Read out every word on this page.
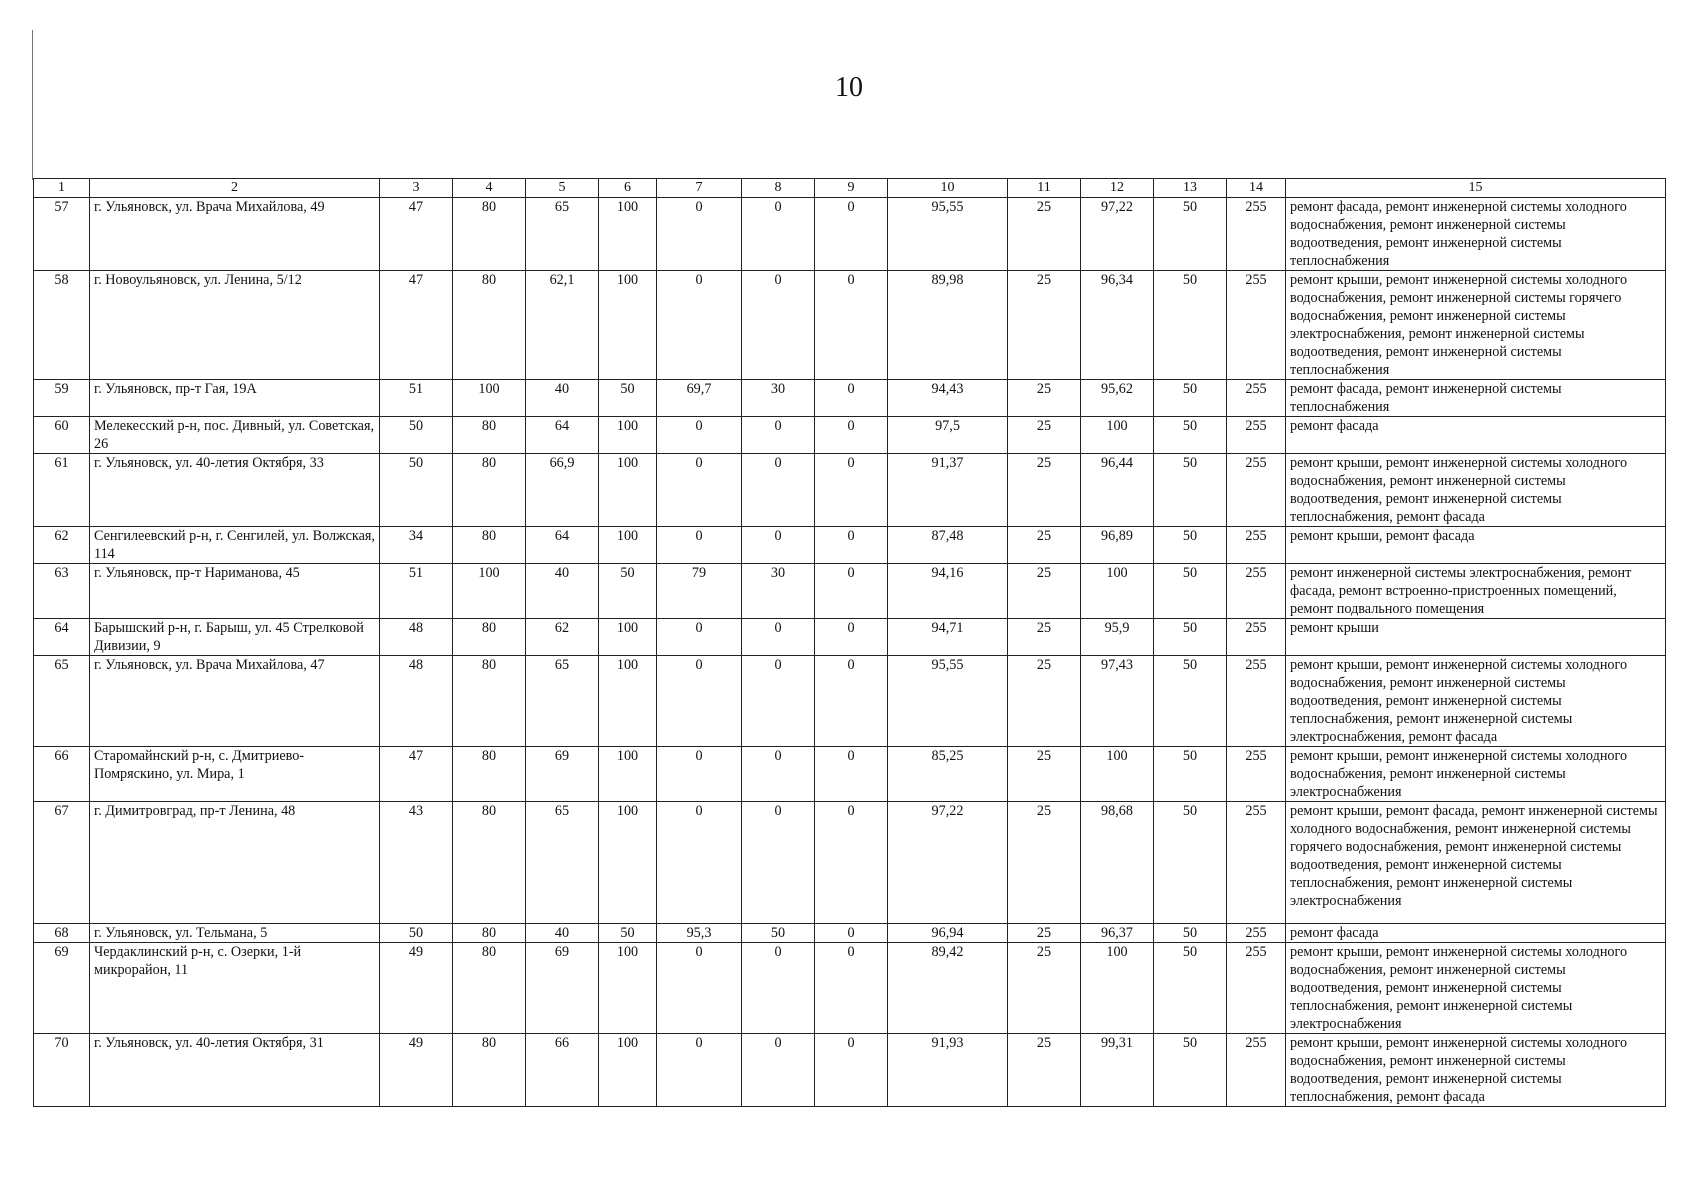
10
1	2	3	4	5	6	7	8	9	10	11	12	13	14	15
57	г. Ульяновск, ул. Врача Михайлова, 49	47	80	65	100	0	0	0	95,55	25	97,22	50	255	ремонт фасада, ремонт инженерной системы холодного водоснабжения, ремонт инженерной системы водоотведения, ремонт инженерной системы теплоснабжения
58	г. Новоульяновск, ул. Ленина, 5/12	47	80	62,1	100	0	0	0	89,98	25	96,34	50	255	ремонт крыши, ремонт инженерной системы холодного водоснабжения, ремонт инженерной системы горячего водоснабжения, ремонт инженерной системы электроснабжения, ремонт инженерной системы водоотведения, ремонт инженерной системы теплоснабжения
59	г. Ульяновск, пр-т Гая, 19А	51	100	40	50	69,7	30	0	94,43	25	95,62	50	255	ремонт фасада, ремонт инженерной системы теплоснабжения
60	Мелекесский р-н, пос. Дивный, ул. Советская, 26	50	80	64	100	0	0	0	97,5	25	100	50	255	ремонт фасада
61	г. Ульяновск, ул. 40-летия Октября, 33	50	80	66,9	100	0	0	0	91,37	25	96,44	50	255	ремонт крыши, ремонт инженерной системы холодного водоснабжения, ремонт инженерной системы водоотведения, ремонт инженерной системы теплоснабжения, ремонт фасада
62	Сенгилеевский р-н, г. Сенгилей, ул. Волжская, 114	34	80	64	100	0	0	0	87,48	25	96,89	50	255	ремонт крыши, ремонт фасада
63	г. Ульяновск, пр-т Нариманова, 45	51	100	40	50	79	30	0	94,16	25	100	50	255	ремонт инженерной системы электроснабжения, ремонт фасада, ремонт встроенно-пристроенных помещений, ремонт подвального помещения
64	Барышский р-н, г. Барыш, ул. 45 Стрелковой Дивизии, 9	48	80	62	100	0	0	0	94,71	25	95,9	50	255	ремонт крыши
65	г. Ульяновск, ул. Врача Михайлова, 47	48	80	65	100	0	0	0	95,55	25	97,43	50	255	ремонт крыши, ремонт инженерной системы холодного водоснабжения, ремонт инженерной системы водоотведения, ремонт инженерной системы теплоснабжения, ремонт инженерной системы электроснабжения, ремонт фасада
66	Старомайнский р-н, с. Дмитриево-Помряскино, ул. Мира, 1	47	80	69	100	0	0	0	85,25	25	100	50	255	ремонт крыши, ремонт инженерной системы холодного водоснабжения, ремонт инженерной системы электроснабжения
67	г. Димитровград, пр-т Ленина, 48	43	80	65	100	0	0	0	97,22	25	98,68	50	255	ремонт крыши, ремонт фасада, ремонт инженерной системы холодного водоснабжения, ремонт инженерной системы горячего водоснабжения, ремонт инженерной системы водоотведения, ремонт инженерной системы теплоснабжения, ремонт инженерной системы электроснабжения
68	г. Ульяновск, ул. Тельмана, 5	50	80	40	50	95,3	50	0	96,94	25	96,37	50	255	ремонт фасада
69	Чердаклинский р-н, с. Озерки, 1-й микрорайон, 11	49	80	69	100	0	0	0	89,42	25	100	50	255	ремонт крыши, ремонт инженерной системы холодного водоснабжения, ремонт инженерной системы водоотведения, ремонт инженерной системы теплоснабжения, ремонт инженерной системы электроснабжения
70	г. Ульяновск, ул. 40-летия Октября, 31	49	80	66	100	0	0	0	91,93	25	99,31	50	255	ремонт крыши, ремонт инженерной системы холодного водоснабжения, ремонт инженерной системы водоотведения, ремонт инженерной системы теплоснабжения, ремонт фасада
